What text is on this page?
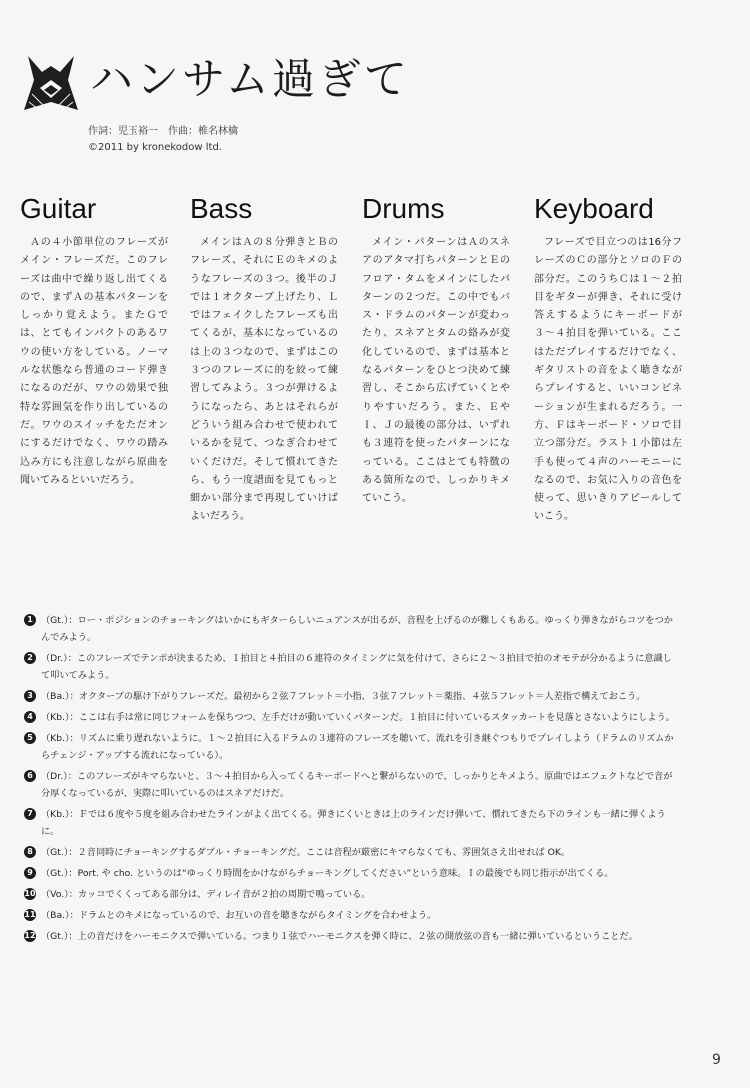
ハンサム過ぎて
作詞：児玉裕一　作曲：椎名林檎
©2011 by kronekodow ltd.
Guitar

Ａの４小節単位のフレーズがメイン・フレーズだ。このフレーズは曲中で繰り返し出てくるので、まずＡの基本パターンをしっかり覚えよう。またＧでは、とてもインパクトのあるワウの使い方をしている。ノーマルな状態なら普通のコード弾きになるのだが、ワウの効果で独特な雰囲気を作り出しているのだ。ワウのスイッチをただオンにするだけでなく、ワウの踏み込み方にも注意しながら原曲を聞いてみるといいだろう。

Bass

メインはＡの８分弾きとＢのフレーズ、それにＥのキメのようなフレーズの３つ。後半のＪでは１オクターブ上げたり、Ｌではフェイクしたフレーズも出てくるが、基本になっているのは上の３つなので、まずはこの３つのフレーズに的を絞って練習してみよう。３つが弾けるようになったら、あとはそれらがどういう組み合わせで使われているかを見て、つなぎ合わせていくだけだ。そして慣れてきたら、もう一度譜面を見てもっと細かい部分まで再現していけばよいだろう。

Drums

メイン・パターンはＡのスネアのアタマ打ちパターンとＥのフロア・タムをメインにしたパターンの２つだ。この中でもバス・ドラムのパターンが変わったり、スネアとタムの絡みが変化しているので、まずは基本となるパターンをひとつ決めて練習し、そこから広げていくとやりやすいだろう。また、ＥやＩ、Ｊの最後の部分は、いずれも３連符を使ったパターンになっている。ここはとても特徴のある箇所なので、しっかりキメていこう。

Keyboard

フレーズで目立つのは16分フレーズのＣの部分とソロのＦの部分だ。このうちＣは１〜２拍目をギターが弾き、それに受け答えするようにキーボードが３〜４拍目を弾いている。ここはただプレイするだけでなく、ギタリストの音をよく聴きながらプレイすると、いいコンビネーションが生まれるだろう。一方、Ｆはキーボード・ソロで目立つ部分だ。ラスト１小節は左手も使って４声のハーモニーになるので、お気に入りの音色を使って、思いきりアピールしていこう。

1 （Gt.）：ロー・ポジションのチョーキングはいかにもギターらしいニュアンスが出るが、音程を上げるのが難しくもある。ゆっくり弾きながらコツをつかんでみよう。
2 （Dr.）：このフレーズでテンポが決まるため、１拍目と４拍目の６連符のタイミングに気を付けて、さらに２〜３拍目で拍のオモテが分かるように意識して叩いてみよう。
3 （Ba.）：オクターブの駆け下がりフレーズだ。最初から２弦７フレット＝小指、３弦７フレット＝薬指、４弦５フレット＝人差指で構えておこう。
4 （Kb.）：ここは右手は常に同じフォームを保ちつつ、左手だけが動いていくパターンだ。１拍目に付いているスタッカートを見落とさないようにしよう。
5 （Kb.）：リズムに乗り遅れないように。１〜２拍目に入るドラムの３連符のフレーズを聴いて、流れを引き継ぐつもりでプレイしよう（ドラムのリズムからチェンジ・アップする流れになっている）。
6 （Dr.）：このフレーズがキマらないと、３〜４拍目から入ってくるキーボードへと繋がらないので、しっかりとキメよう。原曲ではエフェクトなどで音が分厚くなっているが、実際に叩いているのはスネアだけだ。
7 （Kb.）：Ｆでは６度や５度を組み合わせたラインがよく出てくる。弾きにくいときは上のラインだけ弾いて、慣れてきたら下のラインも一緒に弾くように。
8 （Gt.）：２音同時にチョーキングするダブル・チョーキングだ。ここは音程が厳密にキマらなくても、雰囲気さえ出せれば OK。
9 （Gt.）：Port. や cho. というのは“ゆっくり時間をかけながらチョーキングしてください”という意味。Ｉの最後でも同じ指示が出てくる。
10 （Vo.）：カッコでくくってある部分は、ディレイ音が２拍の周期で鳴っている。
11 （Ba.）：ドラムとのキメになっているので、お互いの音を聴きながらタイミングを合わせよう。
12 （Gt.）：上の音だけをハーモニクスで弾いている。つまり１弦でハーモニクスを弾く時に、２弦の開放弦の音も一緒に弾いているということだ。
9
